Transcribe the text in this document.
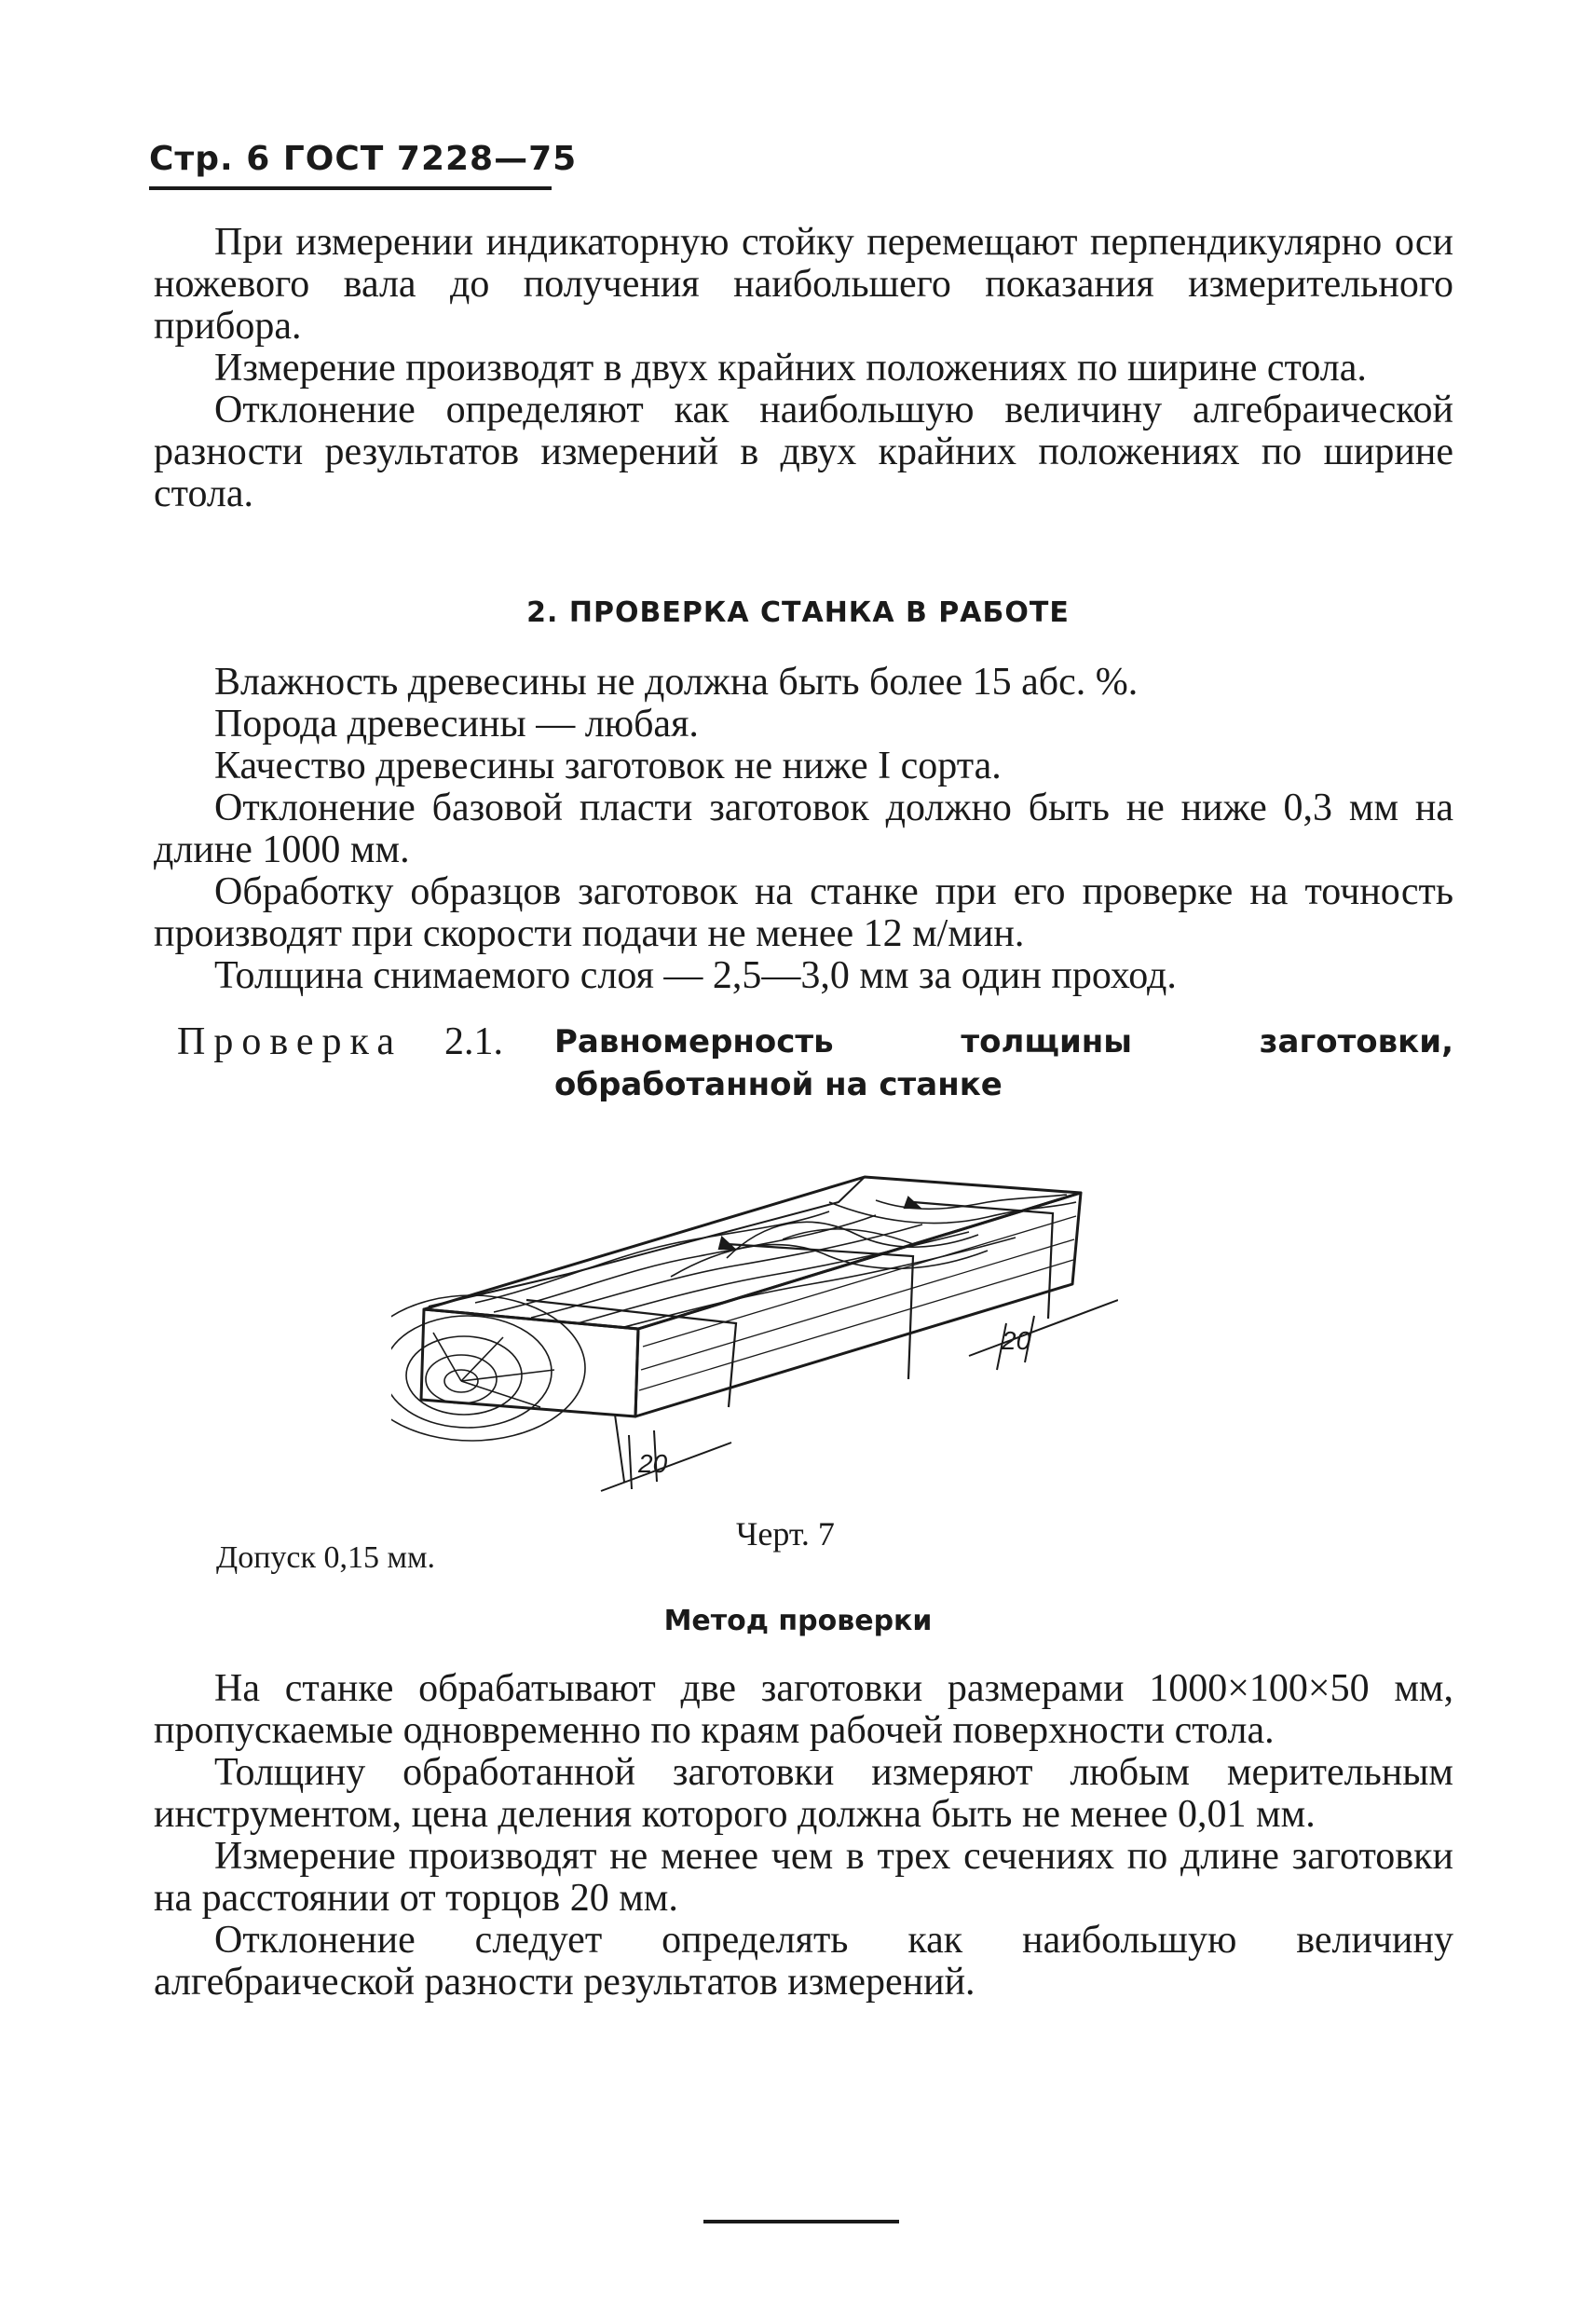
Стр. 6 ГОСТ 7228—75

При измерении индикаторную стойку перемещают перпендикулярно оси ножевого вала до получения наибольшего показания измерительного прибора.

Измерение производят в двух крайних положениях по ширине стола.

Отклонение определяют как наибольшую величину алгебраической разности результатов измерений в двух крайних положениях по ширине стола.

2. ПРОВЕРКА СТАНКА В РАБОТЕ

Влажность древесины не должна быть более 15 абс. %.

Порода древесины — любая.

Качество древесины заготовок не ниже I сорта.

Отклонение базовой пласти заготовок должно быть не ниже 0,3 мм на длине 1000 мм.

Обработку образцов заготовок на станке при его проверке на точность производят при скорости подачи не менее 12 м/мин.

Толщина снимаемого слоя — 2,5—3,0 мм за один проход.

Проверка 2.1. Равномерность толщины заготовки, обработанной на станке
20
20
Черт. 7
Допуск 0,15 мм.
Метод проверки

На станке обрабатывают две заготовки размерами 1000×100×50 мм, пропускаемые одновременно по краям рабочей поверхности стола.

Толщину обработанной заготовки измеряют любым мерительным инструментом, цена деления которого должна быть не менее 0,01 мм.

Измерение производят не менее чем в трех сечениях по длине заготовки на расстоянии от торцов 20 мм.

Отклонение следует определять как наибольшую величину алгебраической разности результатов измерений.
